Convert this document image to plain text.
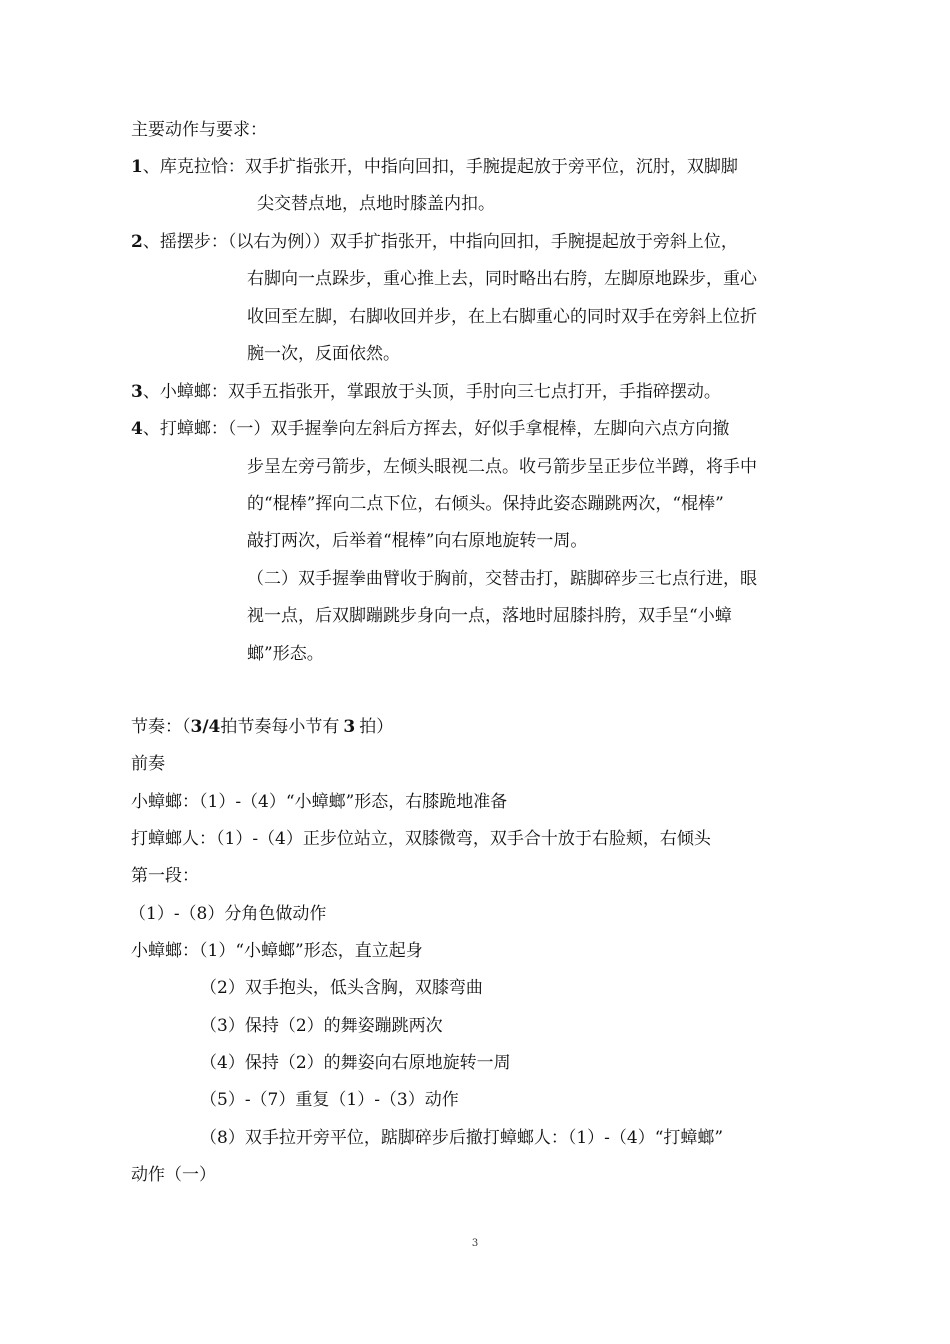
主要动作与要求：
1、库克拉恰：双手扩指张开，中指向回扣，手腕提起放于旁平位，沉肘，双脚脚
尖交替点地，点地时膝盖内扣。
2、摇摆步：（以右为例））双手扩指张开，中指向回扣，手腕提起放于旁斜上位，
右脚向一点跺步，重心推上去，同时略出右胯，左脚原地跺步，重心
收回至左脚，右脚收回并步，在上右脚重心的同时双手在旁斜上位折
腕一次，反面依然。
3、小蟑螂：双手五指张开，掌跟放于头顶，手肘向三七点打开，手指碎摆动。
4、打蟑螂：（一）双手握拳向左斜后方挥去，好似手拿棍棒，左脚向六点方向撤
步呈左旁弓箭步，左倾头眼视二点。收弓箭步呈正步位半蹲，将手中
的“棍棒”挥向二点下位，右倾头。保持此姿态蹦跳两次，“棍棒”
敲打两次，后举着“棍棒”向右原地旋转一周。
（二）双手握拳曲臂收于胸前，交替击打，踮脚碎步三七点行进，眼
视一点，后双脚蹦跳步身向一点，落地时屈膝抖胯，双手呈“小蟑
螂”形态。
节奏：（3/4拍节奏每小节有 3 拍）
前奏
小蟑螂：（1）-（4）“小蟑螂”形态，右膝跪地准备
打蟑螂人：（1）-（4）正步位站立，双膝微弯，双手合十放于右脸颊，右倾头
第一段：
（1）-（8）分角色做动作
小蟑螂：（1）“小蟑螂”形态，直立起身
（2）双手抱头，低头含胸，双膝弯曲
（3）保持（2）的舞姿蹦跳两次
（4）保持（2）的舞姿向右原地旋转一周
（5）-（7）重复（1）-（3）动作
（8）双手拉开旁平位，踮脚碎步后撤打蟑螂人：（1）-（4）“打蟑螂”
动作（一）
3
